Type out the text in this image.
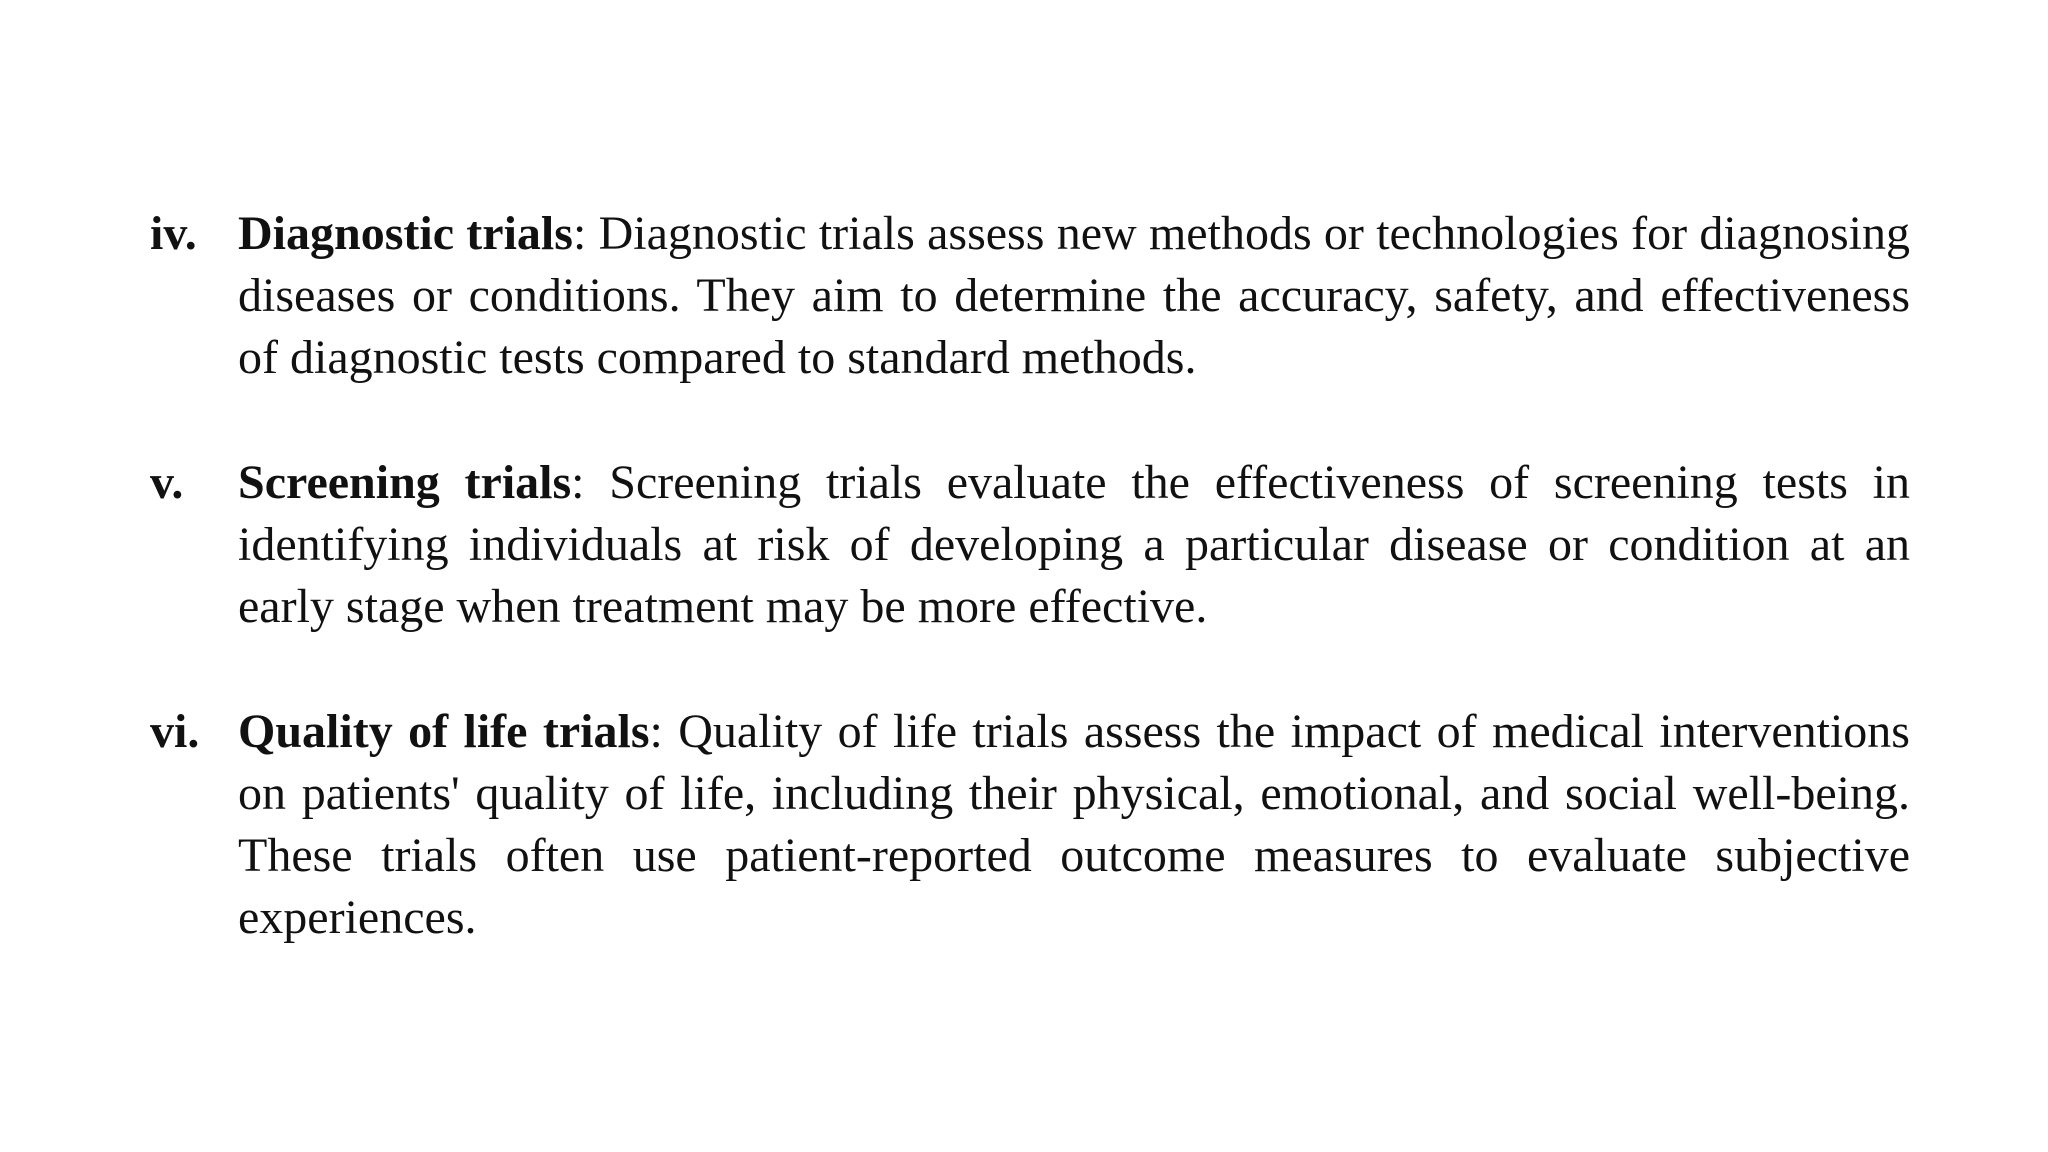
iv. Diagnostic trials: Diagnostic trials assess new methods or technologies for diagnosing diseases or conditions. They aim to determine the accuracy, safety, and effectiveness of diagnostic tests compared to standard methods.
v.	Screening trials: Screening trials evaluate the effectiveness of screening tests in identifying individuals at risk of developing a particular disease or condition at an early stage when treatment may be more effective.
vi. Quality of life trials: Quality of life trials assess the impact of medical interventions on patients' quality of life, including their physical, emotional, and social well-being. These trials often use patient-reported outcome measures to evaluate subjective experiences.
